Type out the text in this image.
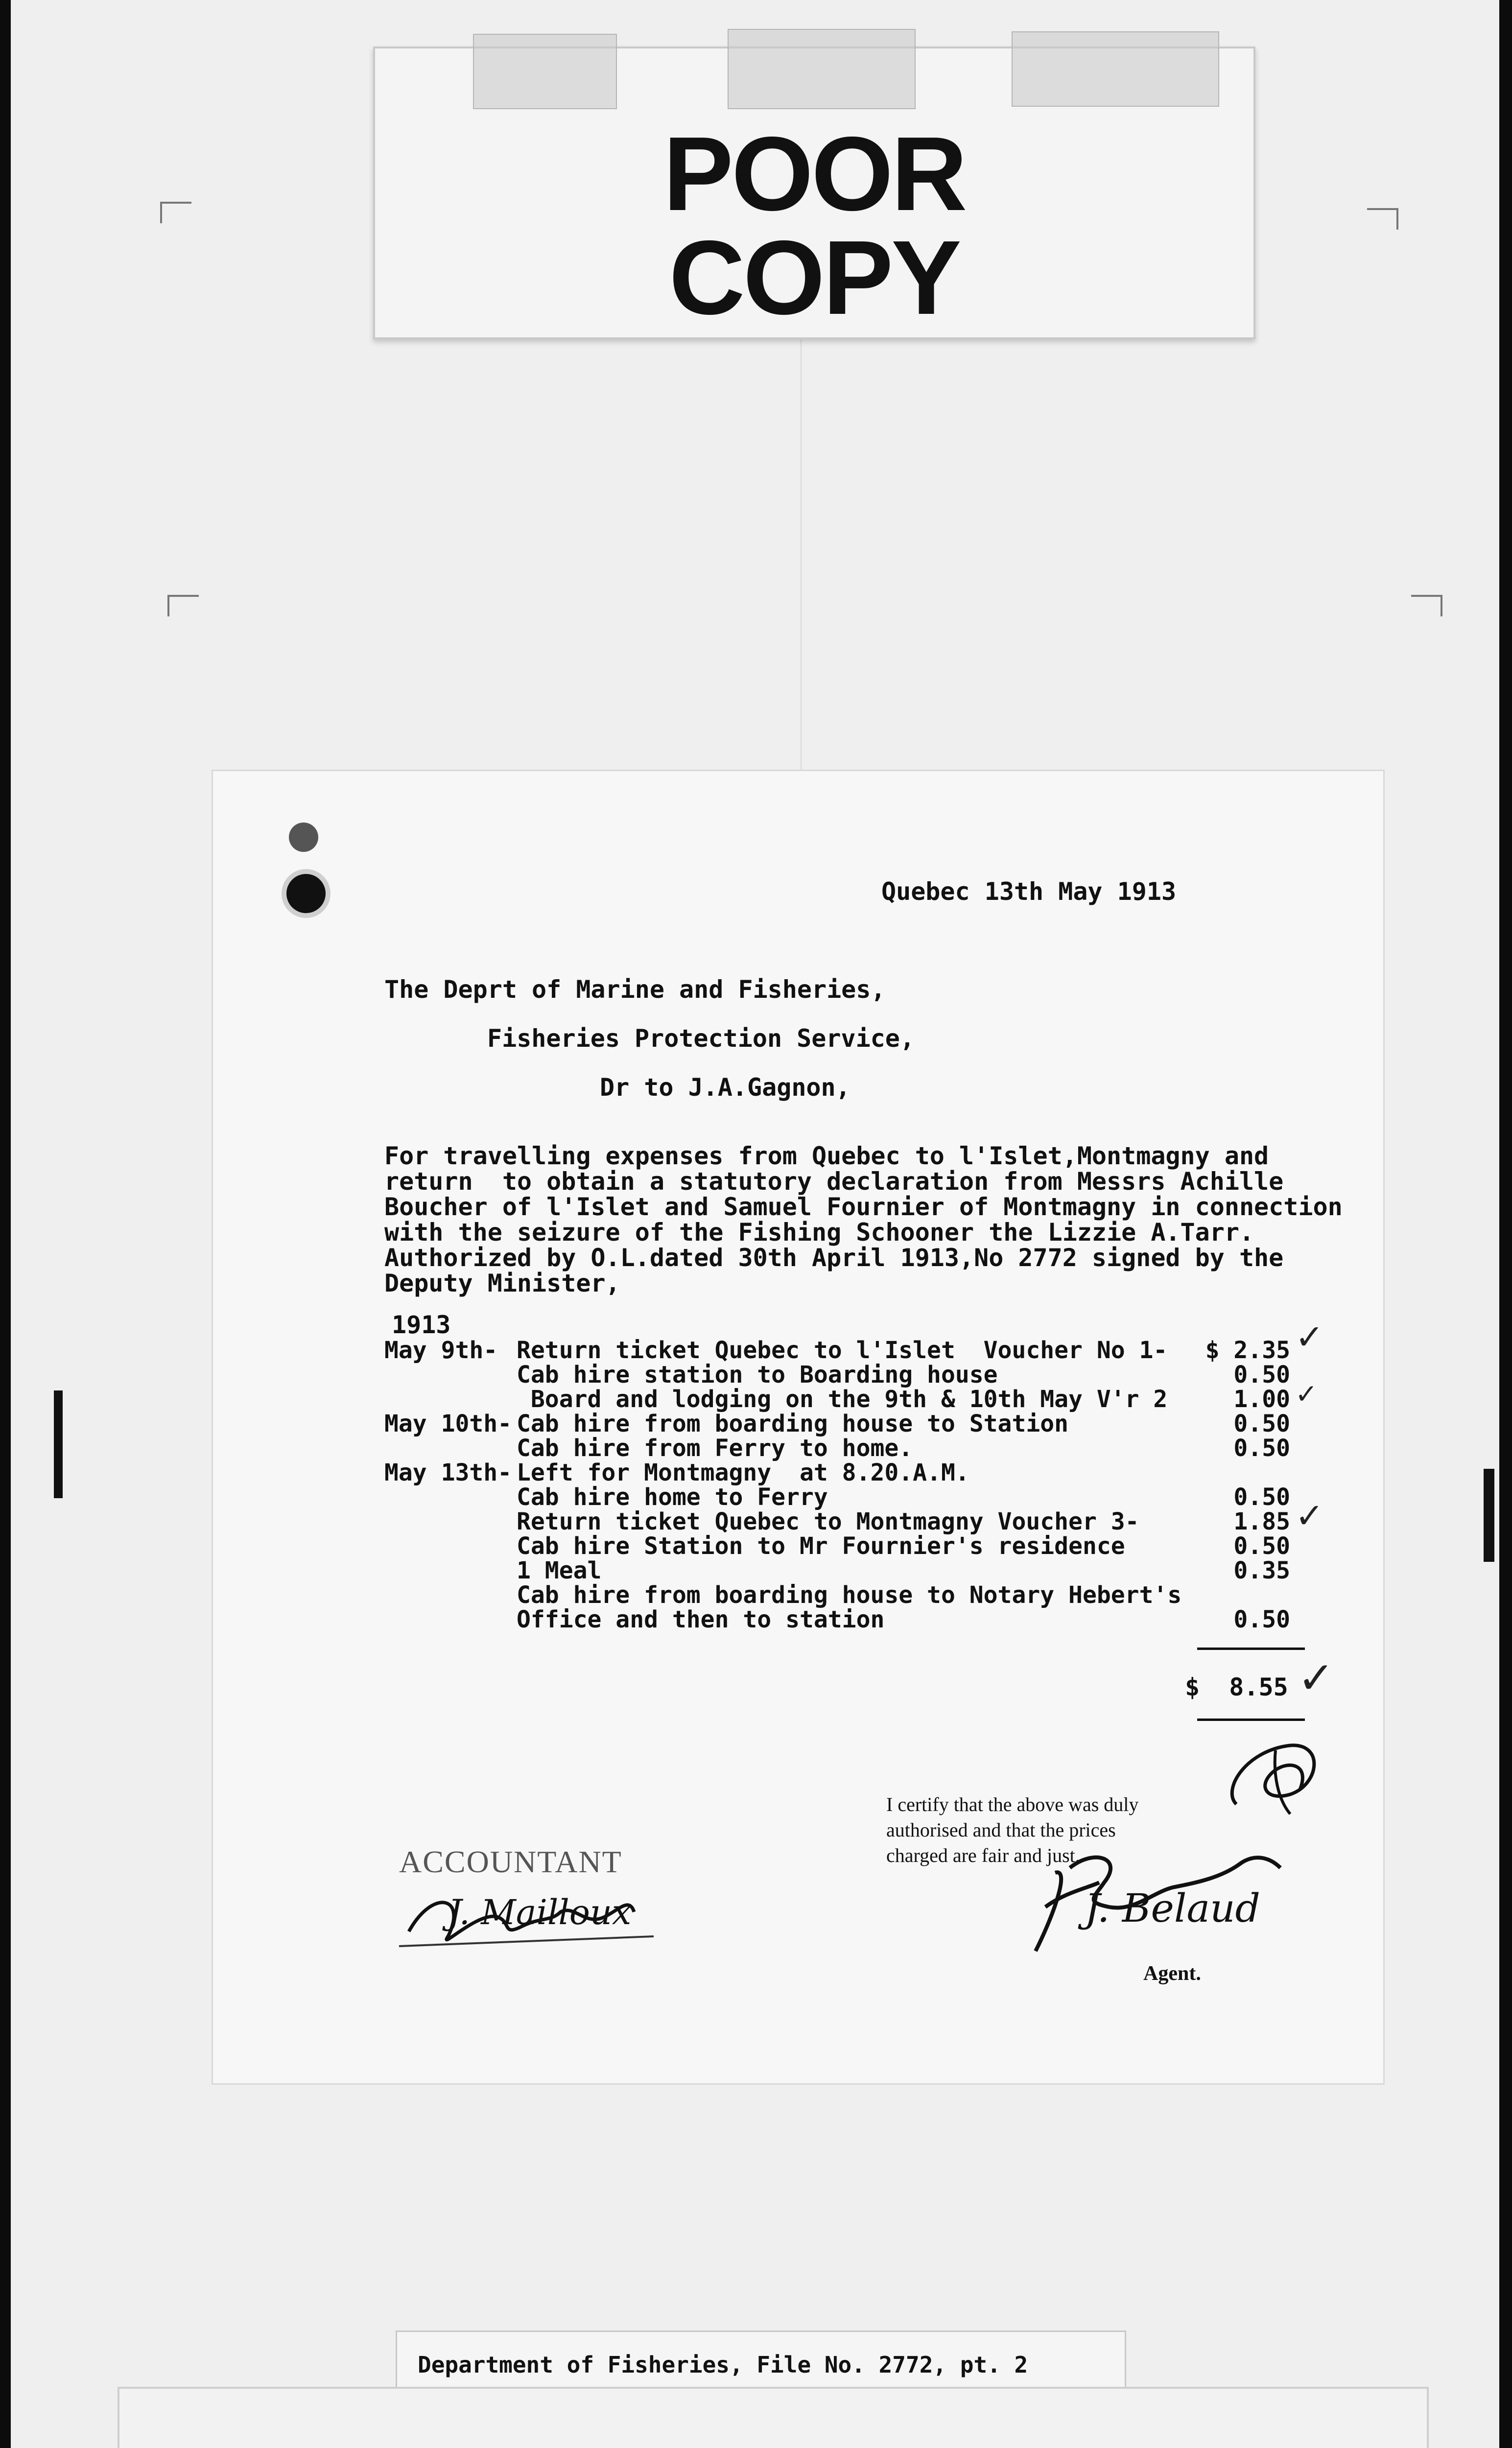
POOR
COPY
Quebec 13th May 1913
The Deprt of Marine and Fisheries,
Fisheries Protection Service,
Dr to J.A.Gagnon,
For travelling expenses from Quebec to l'Islet,Montmagny and
return  to obtain a statutory declaration from Messrs Achille
Boucher of l'Islet and Samuel Fournier of Montmagny in connection
with the seizure of the Fishing Schooner the Lizzie A.Tarr.
Authorized by O.L.dated 30th April 1913,No 2772 signed by the
Deputy Minister,
1913
May 9th- Return ticket Quebec to l'Islet  Voucher No 1-	$ 2.35
Cab hire station to Boarding house	0.50
Board and lodging on the 9th & 10th May V'r 2	1.00
May 10th- Cab hire from boarding house to Station	0.50
Cab hire from Ferry to home.	0.50
May 13th- Left for Montmagny  at 8.20.A.M.
Cab hire home to Ferry	0.50
Return ticket Quebec to Montmagny Voucher 3-	1.85
Cab hire Station to Mr Fournier's residence	0.50
1 Meal	0.35
Cab hire from boarding house to Notary Hebert's
Office and then to station	0.50
✓
✓
✓
$  8.55 ✓
I certify that the above was duly
authorised and that the prices
charged are fair and just.
ACCOUNTANT
J. Mailloux	J. Belaud
Agent.
Department of Fisheries, File No. 2772, pt. 2
